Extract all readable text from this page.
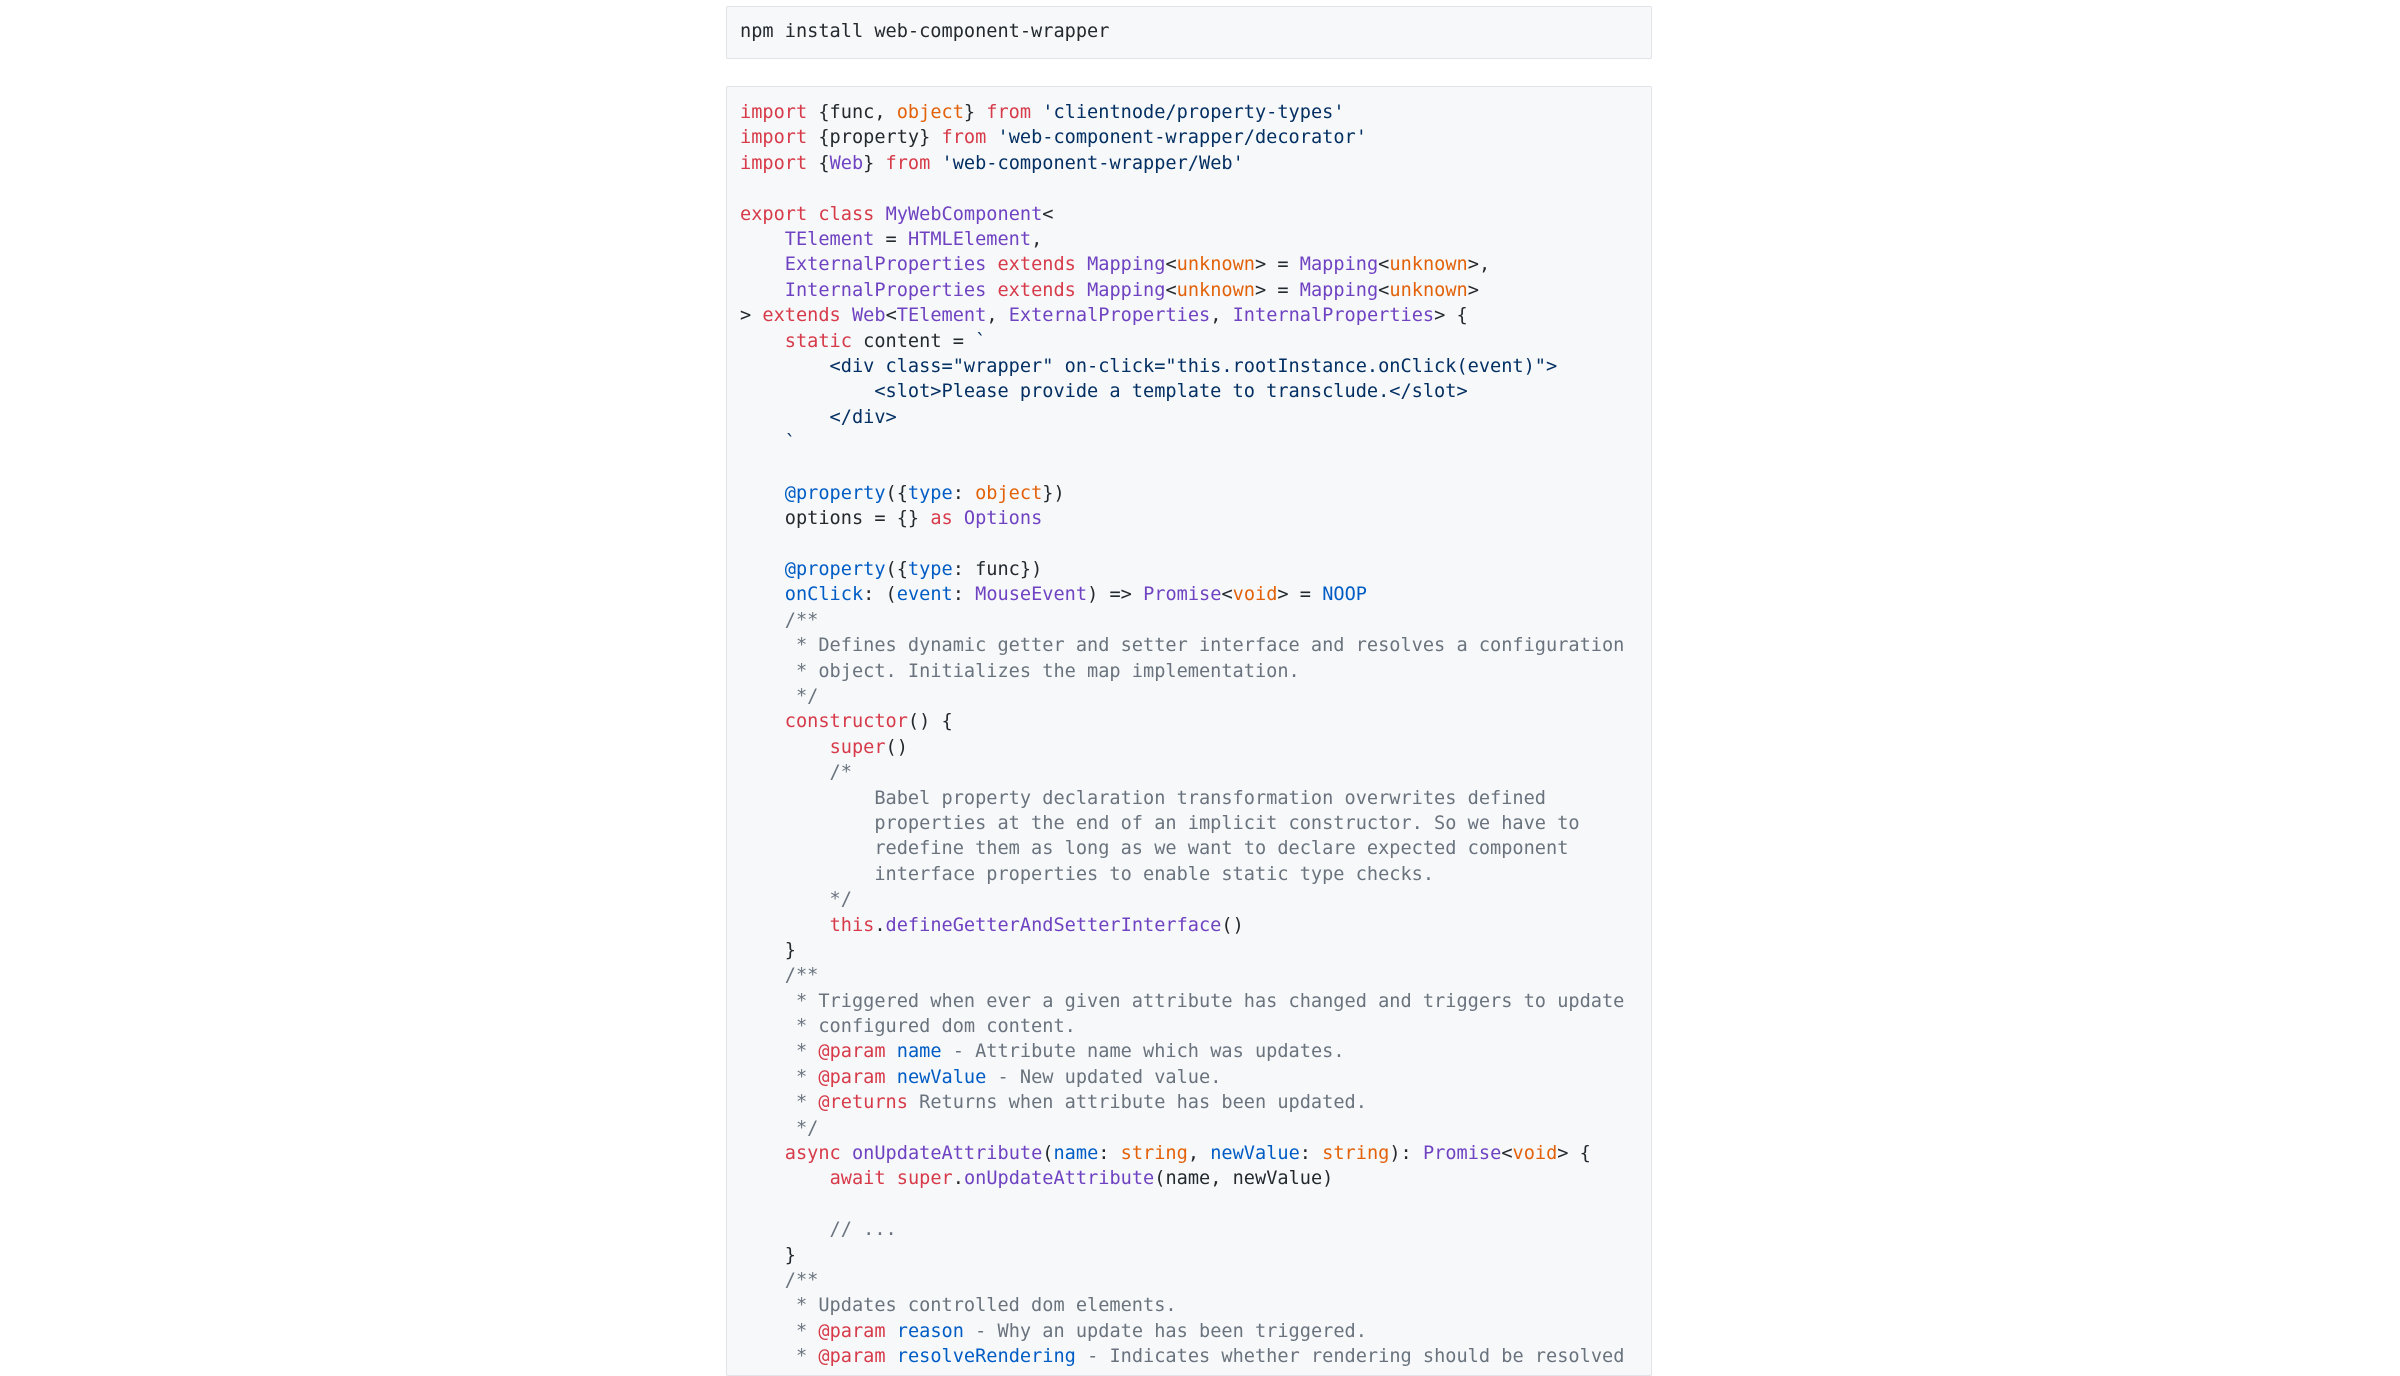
npm install web-component-wrapper
import {func, object} from 'clientnode/property-types'
import {property} from 'web-component-wrapper/decorator'
import {Web} from 'web-component-wrapper/Web'

export class MyWebComponent<
TElement = HTMLElement,
ExternalProperties extends Mapping<unknown> = Mapping<unknown>,
InternalProperties extends Mapping<unknown> = Mapping<unknown>
> extends Web<TElement, ExternalProperties, InternalProperties> {
static content = `
<div class="wrapper" on-click="this.rootInstance.onClick(event)">
<slot>Please provide a template to transclude.</slot>
</div>
`

@property({type: object})
options = {} as Options

@property({type: func})
onClick: (event: MouseEvent) => Promise<void> = NOOP
/**
* Defines dynamic getter and setter interface and resolves a configuration
* object. Initializes the map implementation.
*/
constructor() {
super()
/*
Babel property declaration transformation overwrites defined
properties at the end of an implicit constructor. So we have to
redefine them as long as we want to declare expected component
interface properties to enable static type checks.
*/
this.defineGetterAndSetterInterface()
}
/**
* Triggered when ever a given attribute has changed and triggers to update
* configured dom content.
* @param name - Attribute name which was updates.
* @param newValue - New updated value.
* @returns Returns when attribute has been updated.
*/
async onUpdateAttribute(name: string, newValue: string): Promise<void> {
await super.onUpdateAttribute(name, newValue)

// ...
}
/**
* Updates controlled dom elements.
* @param reason - Why an update has been triggered.
* @param resolveRendering - Indicates whether rendering should be resolved
